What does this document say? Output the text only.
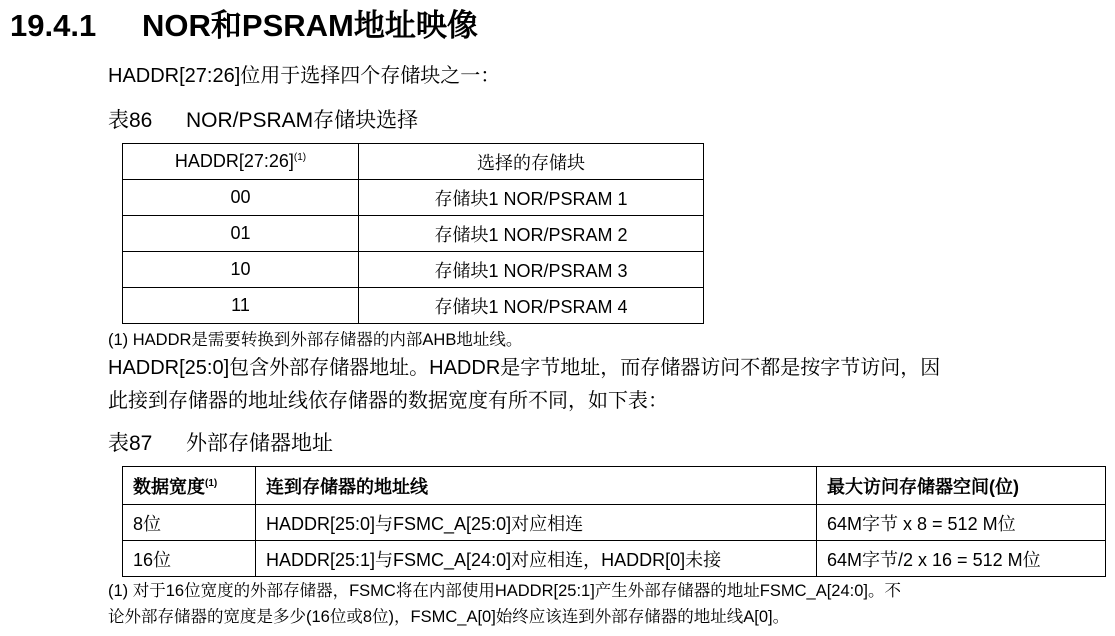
19.4.1 NOR和PSRAM地址映像

HADDR[27:26]位用于选择四个存储块之一：

表86 NOR/PSRAM存储块选择

HADDR[27:26]$^{(1)}$	选择的存储块
00	存储块1 NOR/PSRAM 1
01	存储块1 NOR/PSRAM 2
10	存储块1 NOR/PSRAM 3
11	存储块1 NOR/PSRAM 4

(1) HADDR是需要转换到外部存储器的内部AHB地址线。

HADDR[25:0]包含外部存储器地址。HADDR是字节地址，而存储器访问不都是按字节访问，因

此接到存储器的地址线依存储器的数据宽度有所不同，如下表：

表87 外部存储器地址

数据宽度$^{(1)}$	连到存储器的地址线	最大访问存储器空间(位)
8位	HADDR[25:0]与FSMC_A[25:0]对应相连	64M字节 x 8 = 512 M位
16位	HADDR[25:1]与FSMC_A[24:0]对应相连，HADDR[0]未接	64M字节/2 x 16 = 512 M位

(1) 对于16位宽度的外部存储器，FSMC将在内部使用HADDR[25:1]产生外部存储器的地址FSMC_A[24:0]。不

论外部存储器的宽度是多少(16位或8位)，FSMC_A[0]始终应该连到外部存储器的地址线A[0]。
